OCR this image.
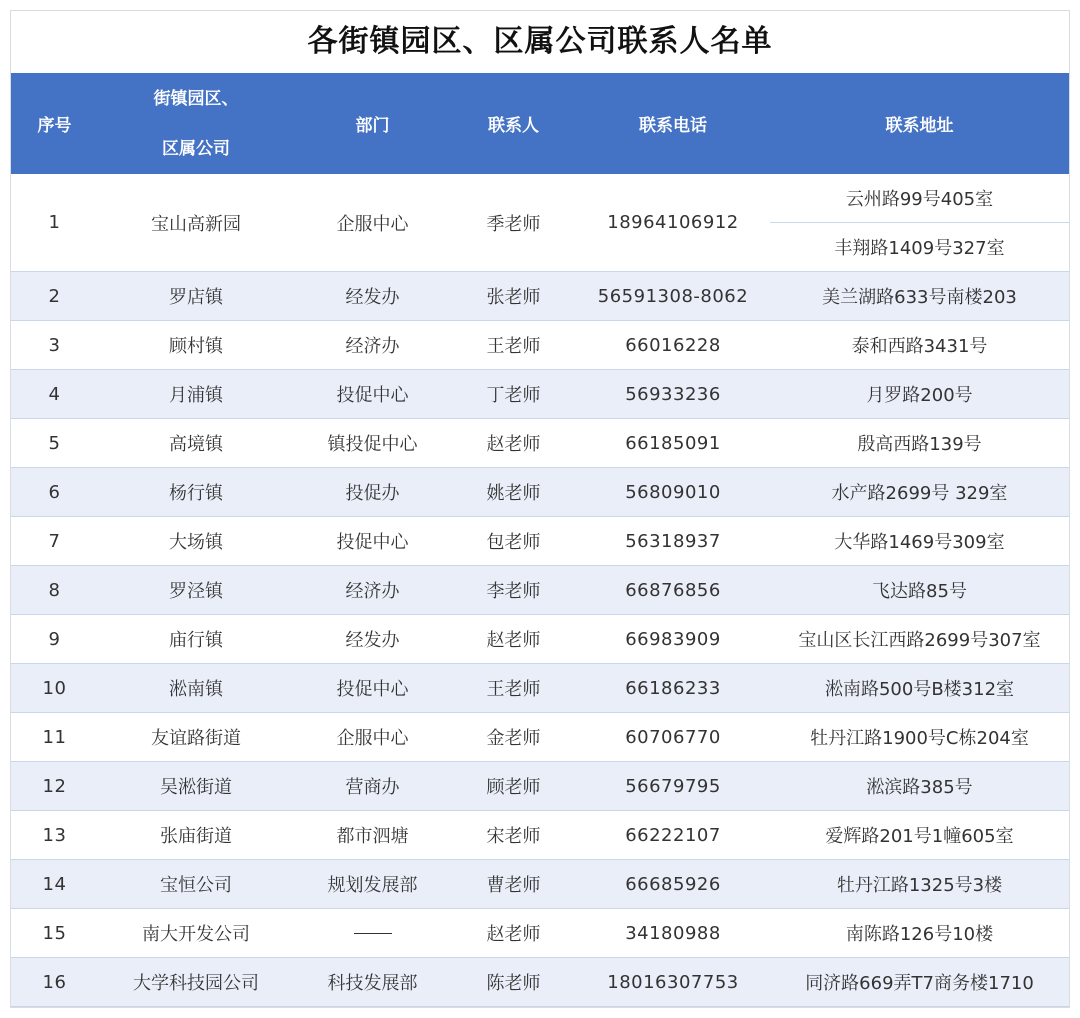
各街镇园区、区属公司联系人名单
序号	街镇园区、
区属公司	部门	联系人	联系电话	联系地址
1	宝山高新园	企服中心	季老师	18964106912	云州路99号405室
					丰翔路1409号327室
2	罗店镇	经发办	张老师	56591308-8062	美兰湖路633号南楼203
3	顾村镇	经济办	王老师	66016228	泰和西路3431号
4	月浦镇	投促中心	丁老师	56933236	月罗路200号
5	高境镇	镇投促中心	赵老师	66185091	殷高西路139号
6	杨行镇	投促办	姚老师	56809010	水产路2699号 329室
7	大场镇	投促中心	包老师	56318937	大华路1469号309室
8	罗泾镇	经济办	李老师	66876856	飞达路85号
9	庙行镇	经发办	赵老师	66983909	宝山区长江西路2699号307室
10	淞南镇	投促中心	王老师	66186233	淞南路500号B楼312室
11	友谊路街道	企服中心	金老师	60706770	牡丹江路1900号C栋204室
12	吴淞街道	营商办	顾老师	56679795	淞滨路385号
13	张庙街道	都市泗塘	宋老师	66222107	爱辉路201号1幢605室
14	宝恒公司	规划发展部	曹老师	66685926	牡丹江路1325号3楼
15	南大开发公司		赵老师	34180988	南陈路126号10楼
16	大学科技园公司	科技发展部	陈老师	18016307753	同济路669弄T7商务楼1710
